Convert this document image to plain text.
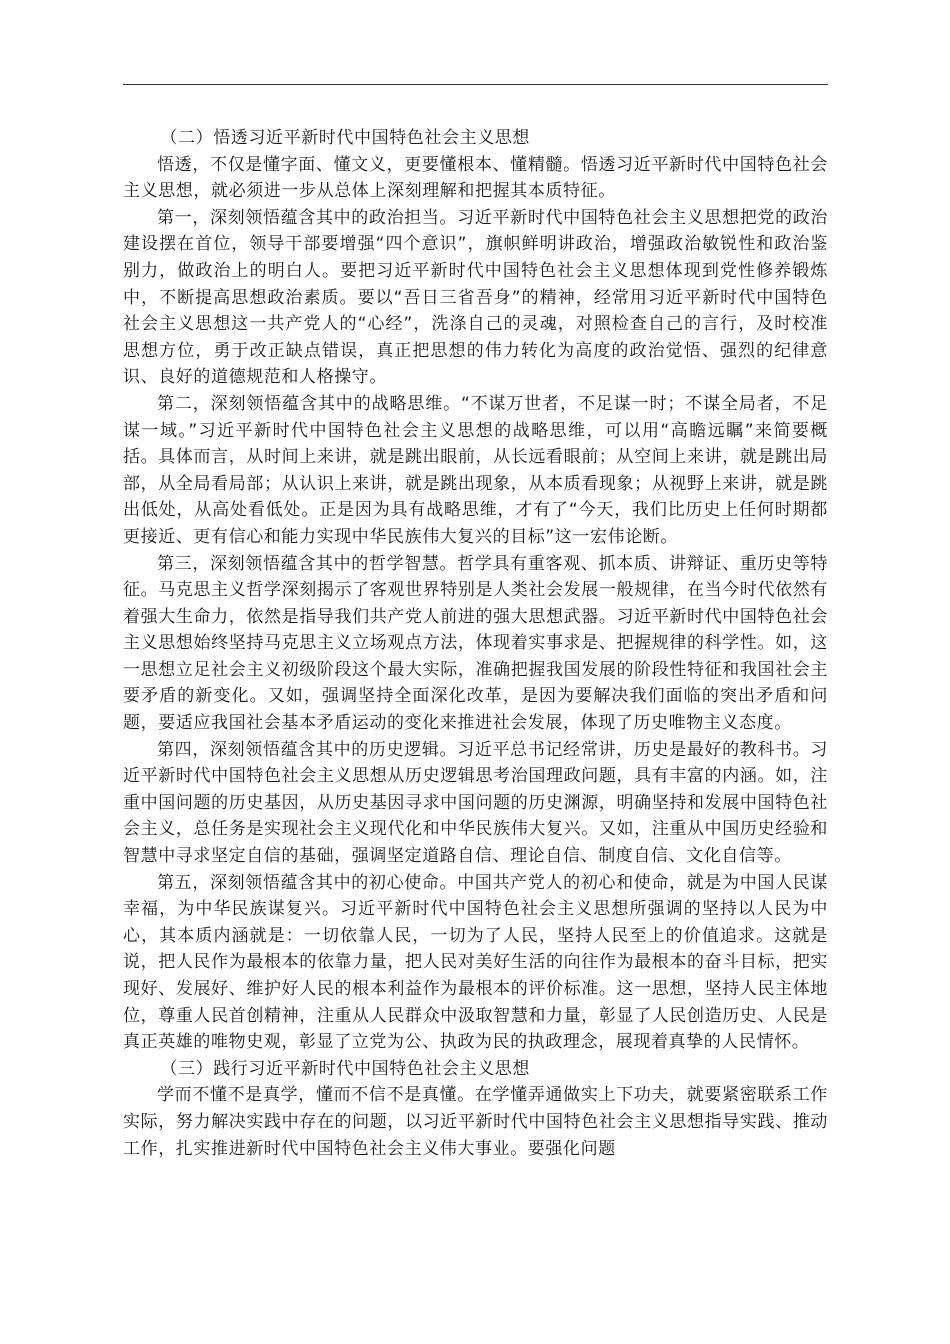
（二）悟透习近平新时代中国特色社会主义思想

悟透，不仅是懂字面、懂文义，更要懂根本、懂精髓。悟透习近平新时代中国特色社会主义思想，就必须进一步从总体上深刻理解和把握其本质特征。

第一，深刻领悟蕴含其中的政治担当。习近平新时代中国特色社会主义思想把党的政治建设摆在首位，领导干部要增强“四个意识”，旗帜鲜明讲政治，增强政治敏锐性和政治鉴别力，做政治上的明白人。要把习近平新时代中国特色社会主义思想体现到党性修养锻炼中，不断提高思想政治素质。要以“吾日三省吾身”的精神，经常用习近平新时代中国特色社会主义思想这一共产党人的“心经”，洗涤自己的灵魂，对照检查自己的言行，及时校准思想方位，勇于改正缺点错误，真正把思想的伟力转化为高度的政治觉悟、强烈的纪律意识、良好的道德规范和人格操守。

第二，深刻领悟蕴含其中的战略思维。“不谋万世者，不足谋一时；不谋全局者，不足谋一域。”习近平新时代中国特色社会主义思想的战略思维，可以用“高瞻远瞩”来简要概括。具体而言，从时间上来讲，就是跳出眼前，从长远看眼前；从空间上来讲，就是跳出局部，从全局看局部；从认识上来讲，就是跳出现象，从本质看现象；从视野上来讲，就是跳出低处，从高处看低处。正是因为具有战略思维，才有了“今天，我们比历史上任何时期都更接近、更有信心和能力实现中华民族伟大复兴的目标”这一宏伟论断。

第三，深刻领悟蕴含其中的哲学智慧。哲学具有重客观、抓本质、讲辩证、重历史等特征。马克思主义哲学深刻揭示了客观世界特别是人类社会发展一般规律，在当今时代依然有着强大生命力，依然是指导我们共产党人前进的强大思想武器。习近平新时代中国特色社会主义思想始终坚持马克思主义立场观点方法，体现着实事求是、把握规律的科学性。如，这一思想立足社会主义初级阶段这个最大实际，准确把握我国发展的阶段性特征和我国社会主要矛盾的新变化。又如，强调坚持全面深化改革，是因为要解决我们面临的突出矛盾和问题，要适应我国社会基本矛盾运动的变化来推进社会发展，体现了历史唯物主义态度。

第四，深刻领悟蕴含其中的历史逻辑。习近平总书记经常讲，历史是最好的教科书。习近平新时代中国特色社会主义思想从历史逻辑思考治国理政问题，具有丰富的内涵。如，注重中国问题的历史基因，从历史基因寻求中国问题的历史渊源，明确坚持和发展中国特色社会主义，总任务是实现社会主义现代化和中华民族伟大复兴。又如，注重从中国历史经验和智慧中寻求坚定自信的基础，强调坚定道路自信、理论自信、制度自信、文化自信等。

第五，深刻领悟蕴含其中的初心使命。中国共产党人的初心和使命，就是为中国人民谋幸福，为中华民族谋复兴。习近平新时代中国特色社会主义思想所强调的坚持以人民为中心，其本质内涵就是：一切依靠人民，一切为了人民，坚持人民至上的价值追求。这就是说，把人民作为最根本的依靠力量，把人民对美好生活的向往作为最根本的奋斗目标，把实现好、发展好、维护好人民的根本利益作为最根本的评价标准。这一思想，坚持人民主体地位，尊重人民首创精神，注重从人民群众中汲取智慧和力量，彰显了人民创造历史、人民是真正英雄的唯物史观，彰显了立党为公、执政为民的执政理念，展现着真挚的人民情怀。

（三）践行习近平新时代中国特色社会主义思想

学而不懂不是真学，懂而不信不是真懂。在学懂弄通做实上下功夫，就要紧密联系工作实际，努力解决实践中存在的问题，以习近平新时代中国特色社会主义思想指导实践、推动工作，扎实推进新时代中国特色社会主义伟大事业。要强化问题
